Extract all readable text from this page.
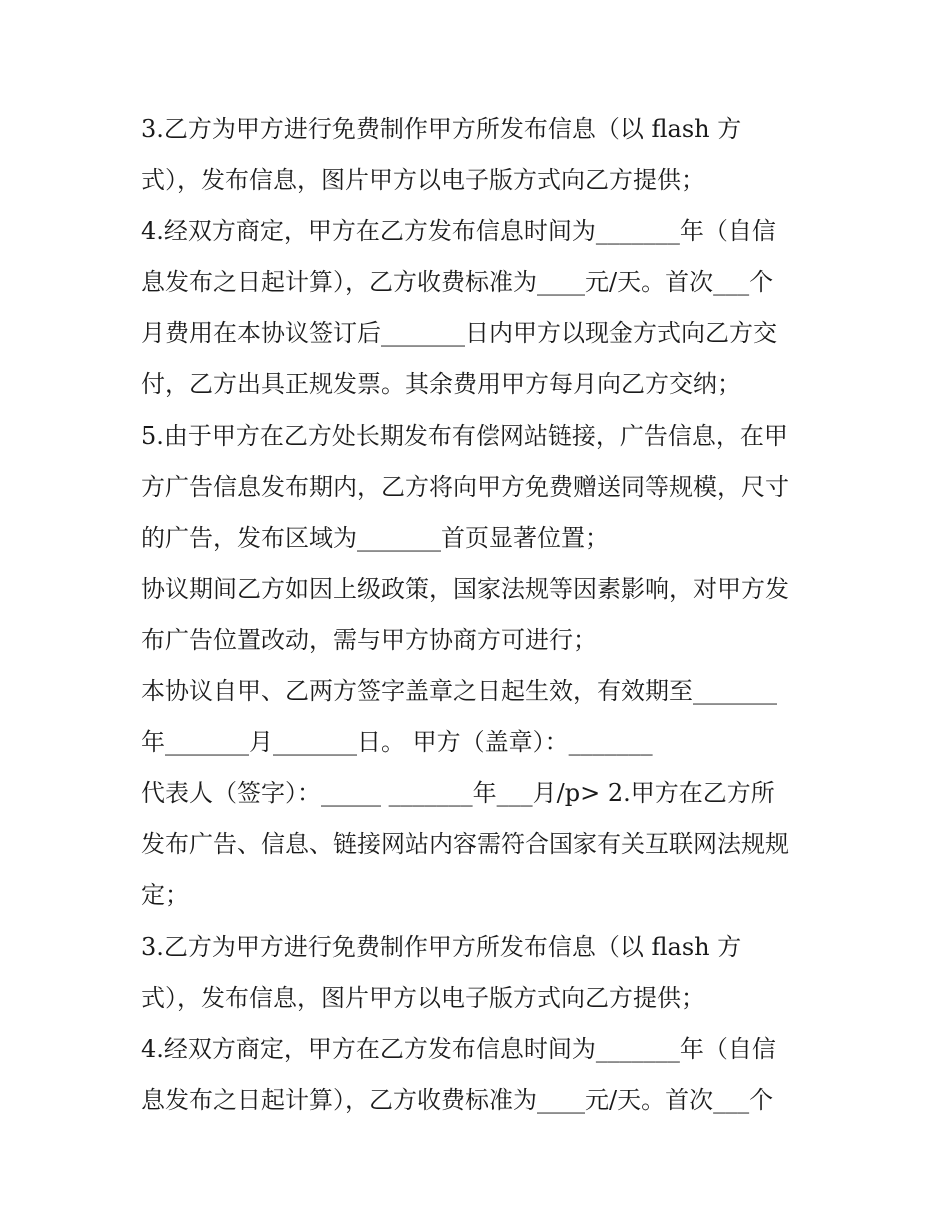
3.乙方为甲方进行免费制作甲方所发布信息（以 flash 方
式），发布信息，图片甲方以电子版方式向乙方提供；
4.经双方商定，甲方在乙方发布信息时间为_______年（自信
息发布之日起计算），乙方收费标准为____元/天。首次___个
月费用在本协议签订后_______日内甲方以现金方式向乙方交
付，乙方出具正规发票。其余费用甲方每月向乙方交纳；
5.由于甲方在乙方处长期发布有偿网站链接，广告信息，在甲
方广告信息发布期内，乙方将向甲方免费赠送同等规模，尺寸
的广告，发布区域为_______首页显著位置；
协议期间乙方如因上级政策，国家法规等因素影响，对甲方发
布广告位置改动，需与甲方协商方可进行；
本协议自甲、乙两方签字盖章之日起生效，有效期至_______
年_______月_______日。 甲方（盖章）：_______
代表人（签字）：_____ _______年___月/p> 2.甲方在乙方所
发布广告、信息、链接网站内容需符合国家有关互联网法规规
定；
3.乙方为甲方进行免费制作甲方所发布信息（以 flash 方
式），发布信息，图片甲方以电子版方式向乙方提供；
4.经双方商定，甲方在乙方发布信息时间为_______年（自信
息发布之日起计算），乙方收费标准为____元/天。首次___个
